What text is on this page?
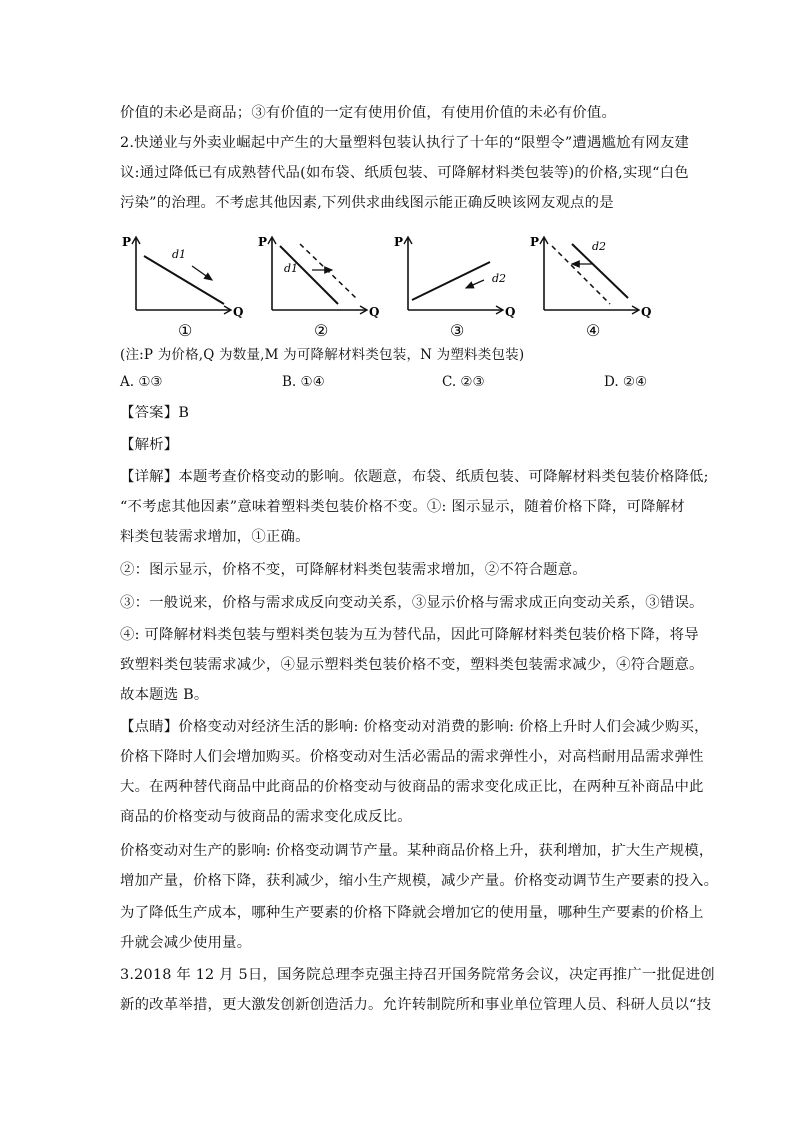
价值的未必是商品；③有价值的一定有使用价值，有使用价值的未必有价值。
2.快递业与外卖业崛起中产生的大量塑料包装认执行了十年的“限塑令”遭遇尴尬有网友建
议:通过降低已有成熟替代品(如布袋、纸质包装、可降解材料类包装等)的价格,实现“白色
污染”的治理。不考虑其他因素,下列供求曲线图示能正确反映该网友观点的是
P
Q
d1
①
P
Q
d1
②
P
Q
d2
③
P
Q
d2
④
(注:P 为价格,Q 为数量,M 为可降解材料类包装，N 为塑料类包装)
A. ①③	B. ①④	C. ②③	D. ②④
【答案】B
【解析】
【详解】本题考查价格变动的影响。依题意，布袋、纸质包装、可降解材料类包装价格降低;
“不考虑其他因素”意味着塑料类包装价格不变。①: 图示显示，随着价格下降，可降解材
料类包装需求增加，①正确。
②：图示显示，价格不变，可降解材料类包装需求增加，②不符合题意。
③：一般说来，价格与需求成反向变动关系，③显示价格与需求成正向变动关系，③错误。
④: 可降解材料类包装与塑料类包装为互为替代品，因此可降解材料类包装价格下降，将导
致塑料类包装需求减少，④显示塑料类包装价格不变，塑料类包装需求减少，④符合题意。
故本题选 B。
【点睛】价格变动对经济生活的影响: 价格变动对消费的影响: 价格上升时人们会减少购买，
价格下降时人们会增加购买。价格变动对生活必需品的需求弹性小，对高档耐用品需求弹性
大。在两种替代商品中此商品的价格变动与彼商品的需求变化成正比，在两种互补商品中此
商品的价格变动与彼商品的需求变化成反比。
价格变动对生产的影响: 价格变动调节产量。某种商品价格上升，获利增加，扩大生产规模，
增加产量，价格下降，获利减少，缩小生产规模，减少产量。价格变动调节生产要素的投入。
为了降低生产成本，哪种生产要素的价格下降就会增加它的使用量，哪种生产要素的价格上
升就会减少使用量。
3.2018 年 12 月 5日，国务院总理李克强主持召开国务院常务会议，决定再推广一批促进创
新的改革举措，更大激发创新创造活力。允许转制院所和事业单位管理人员、科研人员以“技
